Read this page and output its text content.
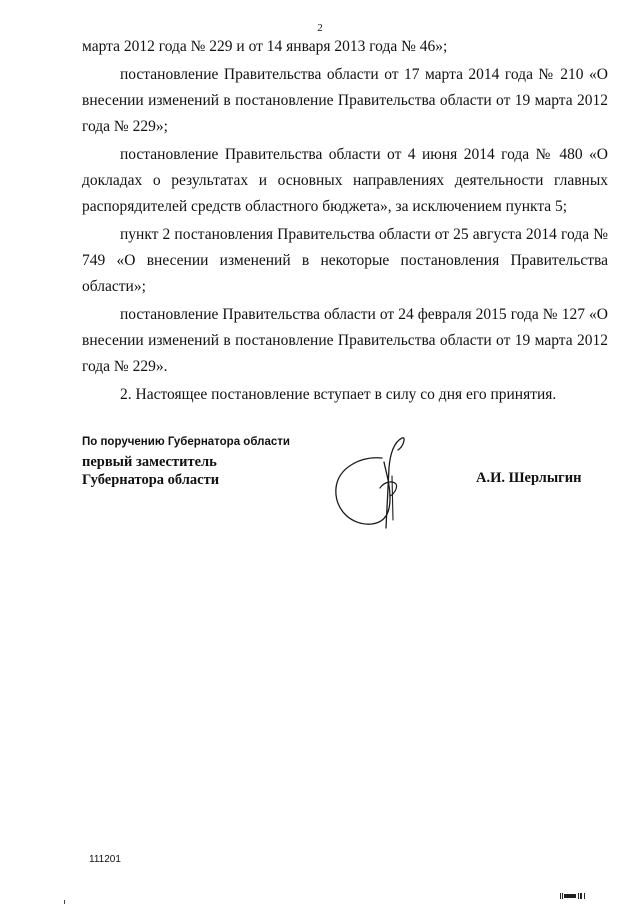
2

марта 2012 года № 229 и от 14 января 2013 года № 46»;

постановление Правительства области от 17 марта 2014 года № 210 «О внесении изменений в постановление Правительства области от 19 марта 2012 года № 229»;

постановление Правительства области от 4 июня 2014 года № 480 «О докладах о результатах и основных направлениях деятельности главных распорядителей средств областного бюджета», за исключением пункта 5;

пункт 2 постановления Правительства области от 25 августа 2014 года № 749 «О внесении изменений в некоторые постановления Правительства области»;

постановление Правительства области от 24 февраля 2015 года № 127 «О внесении изменений в постановление Правительства области от 19 марта 2012 года № 229».

2. Настоящее постановление вступает в силу со дня его принятия.

По поручению Губернатора области
первый заместитель
Губернатора области	А.И. Шерлыгин
111201
